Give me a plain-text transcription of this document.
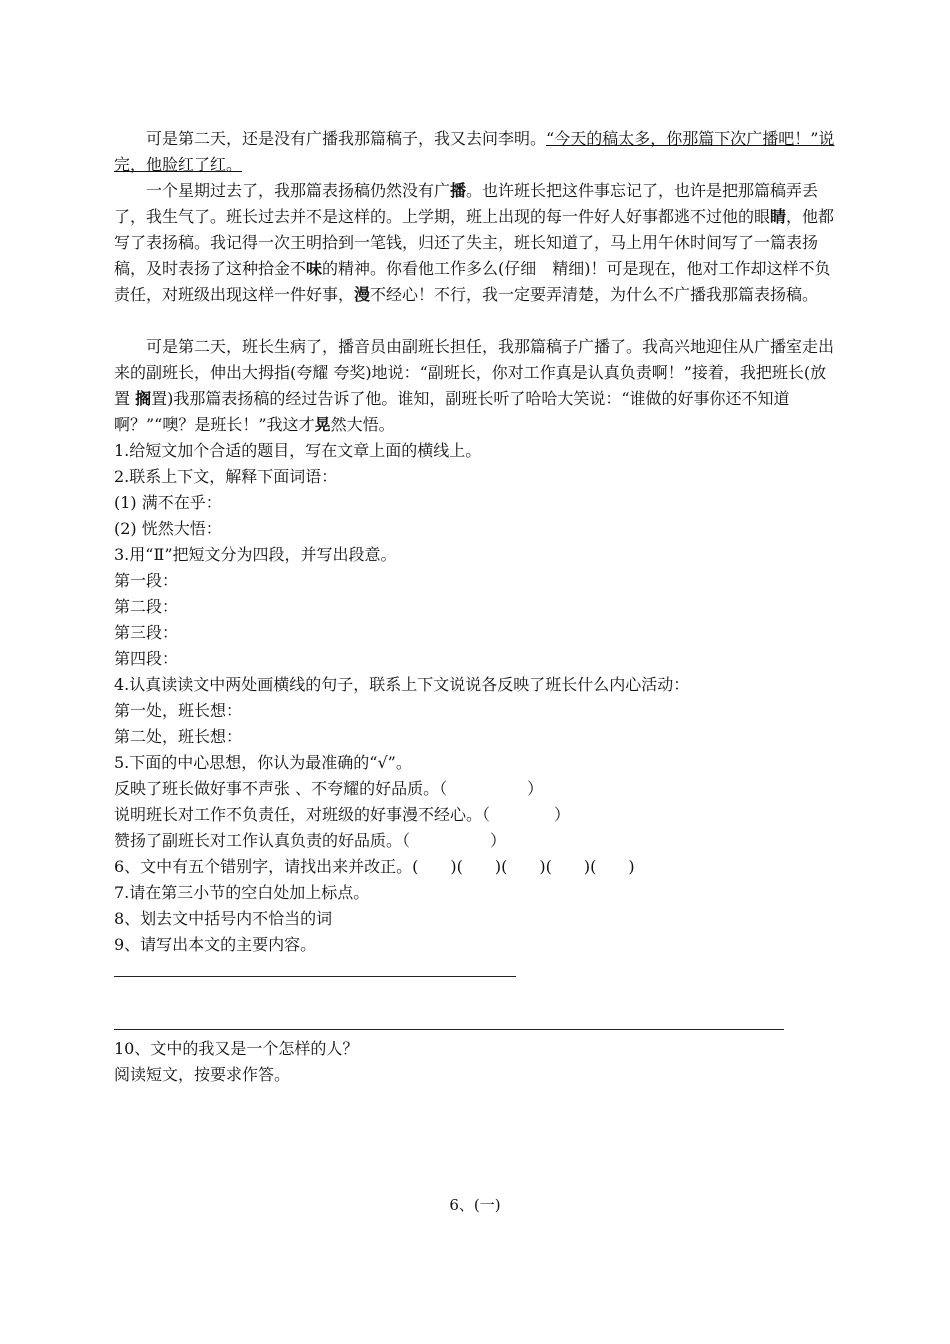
可是第二天，还是没有广播我那篇稿子，我又去问李明。“今天的稿太多，你那篇下次广播吧！”说完，他脸红了红。

一个星期过去了，我那篇表扬稿仍然没有广播。也许班长把这件事忘记了，也许是把那篇稿弄丢了，我生气了。班长过去并不是这样的。上学期，班上出现的每一件好人好事都逃不过他的眼睛，他都写了表扬稿。我记得一次王明拾到一笔钱，归还了失主，班长知道了，马上用午休时间写了一篇表扬稿，及时表扬了这种拾金不味的精神。你看他工作多么(仔细　精细)！可是现在，他对工作却这样不负责任，对班级出现这样一件好事，漫不经心！不行，我一定要弄清楚，为什么不广播我那篇表扬稿。

可是第二天，班长生病了，播音员由副班长担任，我那篇稿子广播了。我高兴地迎住从广播室走出来的副班长，伸出大拇指(夸耀 夸奖)地说：“副班长，你对工作真是认真负责啊！”接着，我把班长(放置 搁置)我那篇表扬稿的经过告诉了他。谁知，副班长听了哈哈大笑说：“谁做的好事你还不知道啊？”“噢？是班长！”我这才晃然大悟。

1.给短文加个合适的题目，写在文章上面的横线上。

2.联系上下文，解释下面词语：

(1) 满不在乎：

(2) 恍然大悟：

3.用“Ⅱ”把短文分为四段，并写出段意。

第一段：

第二段：

第三段：

第四段：

4.认真读读文中两处画横线的句子，联系上下文说说各反映了班长什么内心活动：

第一处，班长想：

第二处，班长想：

5.下面的中心思想，你认为最准确的“√”。

反映了班长做好事不声张 、不夸耀的好品质。（　　　　　）

说明班长对工作不负责任，对班级的好事漫不经心。（　　　　）

赞扬了副班长对工作认真负责的好品质。（　　　　　）

6、文中有五个错别字，请找出来并改正。(　　)(　　)(　　)(　　)(　　)

7.请在第三小节的空白处加上标点。

8、划去文中括号内不恰当的词

9、请写出本文的主要内容。

10、文中的我又是一个怎样的人？

阅读短文，按要求作答。

6、(一)
